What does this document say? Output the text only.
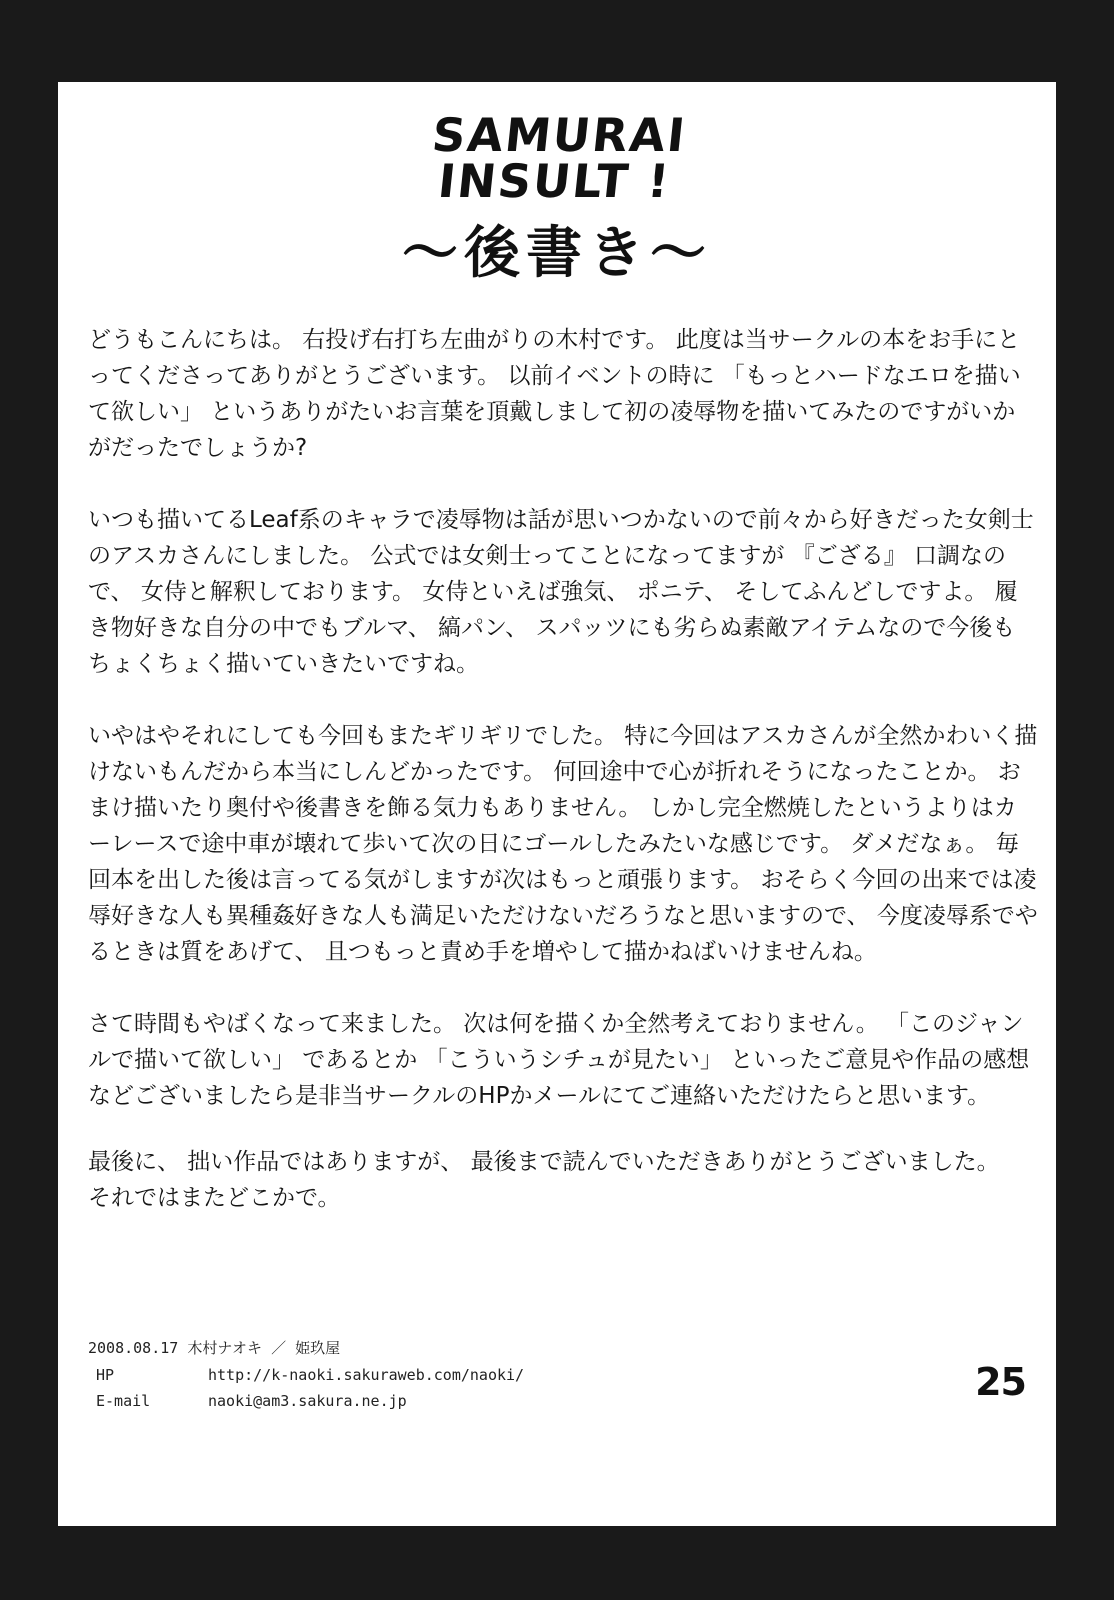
SAMURAI
INSULT !
〜後書き〜

どうもこんにちは。 右投げ右打ち左曲がりの木村です。 此度は当サークルの本をお手にとってくださってありがとうございます。 以前イベントの時に 「もっとハードなエロを描いて欲しい」 というありがたいお言葉を頂戴しまして初の凌辱物を描いてみたのですがいかがだったでしょうか?

いつも描いてるLeaf系のキャラで凌辱物は話が思いつかないので前々から好きだった女剣士のアスカさんにしました。 公式では女剣士ってことになってますが 『ござる』 口調なので、 女侍と解釈しております。 女侍といえば強気、 ポニテ、 そしてふんどしですよ。 履き物好きな自分の中でもブルマ、 縞パン、 スパッツにも劣らぬ素敵アイテムなので今後もちょくちょく描いていきたいですね。

いやはやそれにしても今回もまたギリギリでした。 特に今回はアスカさんが全然かわいく描けないもんだから本当にしんどかったです。 何回途中で心が折れそうになったことか。 おまけ描いたり奥付や後書きを飾る気力もありません。 しかし完全燃焼したというよりはカーレースで途中車が壊れて歩いて次の日にゴールしたみたいな感じです。 ダメだなぁ。 毎回本を出した後は言ってる気がしますが次はもっと頑張ります。 おそらく今回の出来では凌辱好きな人も異種姦好きな人も満足いただけないだろうなと思いますので、 今度凌辱系でやるときは質をあげて、 且つもっと責め手を増やして描かねばいけませんね。

さて時間もやばくなって来ました。 次は何を描くか全然考えておりません。 「このジャンルで描いて欲しい」 であるとか 「こういうシチュが見たい」 といったご意見や作品の感想などございましたら是非当サークルのHPかメールにてご連絡いただけたらと思います。

最後に、 拙い作品ではありますが、 最後まで読んでいただきありがとうございました。
それではまたどこかで。

2008.08.17 木村ナオキ ／ 姫玖屋
HP	http://k-naoki.sakuraweb.com/naoki/
E-mail	naoki@am3.sakura.ne.jp	25
